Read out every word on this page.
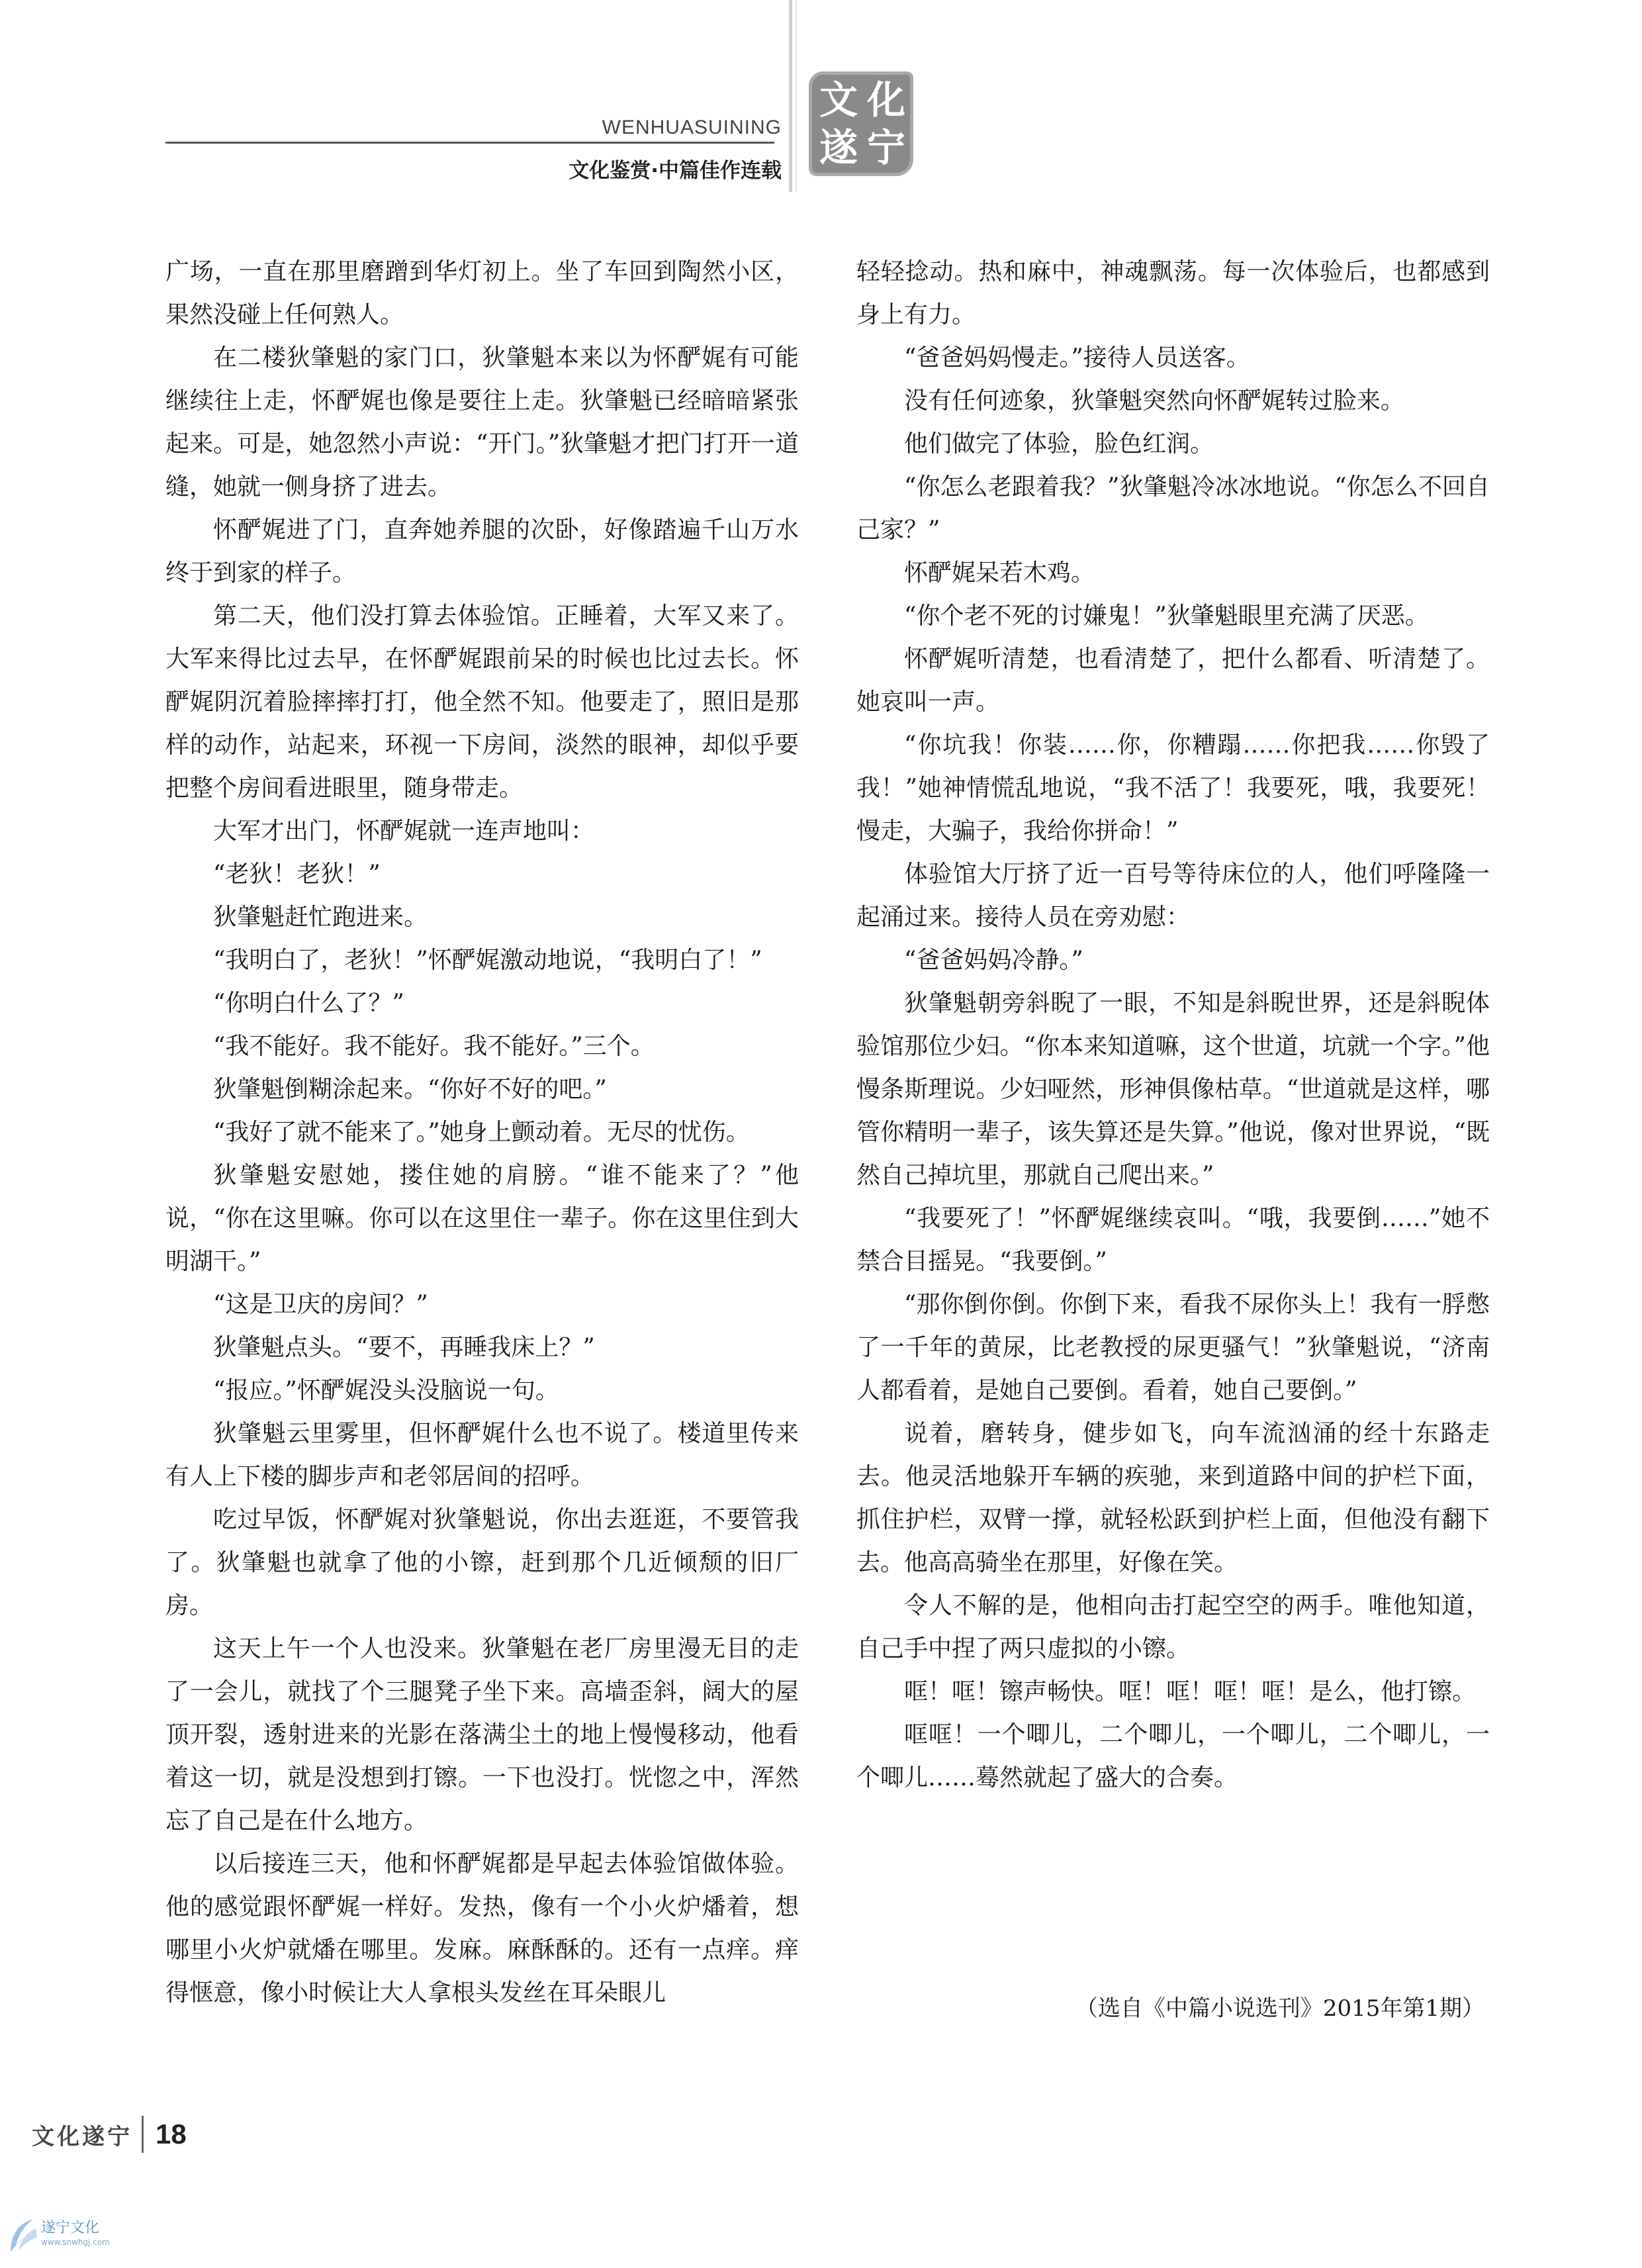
WENHUASUINING
文化鉴赏·中篇佳作连载
文 化
遂 宁

广场，一直在那里磨蹭到华灯初上。坐了车回到陶然小区，果然没碰上任何熟人。

在二楼狄肇魁的家门口，狄肇魁本来以为怀酽娓有可能继续往上走，怀酽娓也像是要往上走。狄肇魁已经暗暗紧张起来。可是，她忽然小声说：“开门。”狄肇魁才把门打开一道缝，她就一侧身挤了进去。

怀酽娓进了门，直奔她养腿的次卧，好像踏遍千山万水终于到家的样子。

第二天，他们没打算去体验馆。正睡着，大军又来了。大军来得比过去早，在怀酽娓跟前呆的时候也比过去长。怀酽娓阴沉着脸摔摔打打，他全然不知。他要走了，照旧是那样的动作，站起来，环视一下房间，淡然的眼神，却似乎要把整个房间看进眼里，随身带走。

大军才出门，怀酽娓就一连声地叫：

“老狄！老狄！”

狄肇魁赶忙跑进来。

“我明白了，老狄！”怀酽娓激动地说，“我明白了！”

“你明白什么了？”

“我不能好。我不能好。我不能好。”三个。

狄肇魁倒糊涂起来。“你好不好的吧。”

“我好了就不能来了。”她身上颤动着。无尽的忧伤。

狄肇魁安慰她，搂住她的肩膀。“谁不能来了？”他说，“你在这里嘛。你可以在这里住一辈子。你在这里住到大明湖干。”

“这是卫庆的房间？”

狄肇魁点头。“要不，再睡我床上？”

“报应。”怀酽娓没头没脑说一句。

狄肇魁云里雾里，但怀酽娓什么也不说了。楼道里传来有人上下楼的脚步声和老邻居间的招呼。

吃过早饭，怀酽娓对狄肇魁说，你出去逛逛，不要管我了。狄肇魁也就拿了他的小镲，赶到那个几近倾颓的旧厂房。

这天上午一个人也没来。狄肇魁在老厂房里漫无目的走了一会儿，就找了个三腿凳子坐下来。高墙歪斜，阔大的屋顶开裂，透射进来的光影在落满尘土的地上慢慢移动，他看着这一切，就是没想到打镲。一下也没打。恍惚之中，浑然忘了自己是在什么地方。

以后接连三天，他和怀酽娓都是早起去体验馆做体验。他的感觉跟怀酽娓一样好。发热，像有一个小火炉燔着，想哪里小火炉就燔在哪里。发麻。麻酥酥的。还有一点痒。痒得惬意，像小时候让大人拿根头发丝在耳朵眼儿

轻轻捻动。热和麻中，神魂飘荡。每一次体验后，也都感到身上有力。

“爸爸妈妈慢走。”接待人员送客。

没有任何迹象，狄肇魁突然向怀酽娓转过脸来。

他们做完了体验，脸色红润。

“你怎么老跟着我？”狄肇魁冷冰冰地说。“你怎么不回自己家？”

怀酽娓呆若木鸡。

“你个老不死的讨嫌鬼！”狄肇魁眼里充满了厌恶。

怀酽娓听清楚，也看清楚了，把什么都看、听清楚了。她哀叫一声。

“你坑我！你装……你，你糟蹋……你把我……你毁了我！”她神情慌乱地说，“我不活了！我要死，哦，我要死！慢走，大骗子，我给你拼命！”

体验馆大厅挤了近一百号等待床位的人，他们呼隆隆一起涌过来。接待人员在旁劝慰：

“爸爸妈妈冷静。”

狄肇魁朝旁斜睨了一眼，不知是斜睨世界，还是斜睨体验馆那位少妇。“你本来知道嘛，这个世道，坑就一个字。”他慢条斯理说。少妇哑然，形神俱像枯草。“世道就是这样，哪管你精明一辈子，该失算还是失算。”他说，像对世界说，“既然自己掉坑里，那就自己爬出来。”

“我要死了！”怀酽娓继续哀叫。“哦，我要倒……”她不禁合目摇晃。“我要倒。”

“那你倒你倒。你倒下来，看我不尿你头上！我有一脬憋了一千年的黄尿，比老教授的尿更骚气！”狄肇魁说，“济南人都看着，是她自己要倒。看着，她自己要倒。”

说着，磨转身，健步如飞，向车流汹涌的经十东路走去。他灵活地躲开车辆的疾驰，来到道路中间的护栏下面，抓住护栏，双臂一撑，就轻松跃到护栏上面，但他没有翻下去。他高高骑坐在那里，好像在笑。

令人不解的是，他相向击打起空空的两手。唯他知道，自己手中捏了两只虚拟的小镲。

哐！哐！镲声畅快。哐！哐！哐！哐！是么，他打镲。

哐哐！一个唧儿，二个唧儿，一个唧儿，二个唧儿，一个唧儿……蓦然就起了盛大的合奏。

（选自《中篇小说选刊》2015年第1期）
文化遂宁 18
遂宁文化
www.snwhgj.com
